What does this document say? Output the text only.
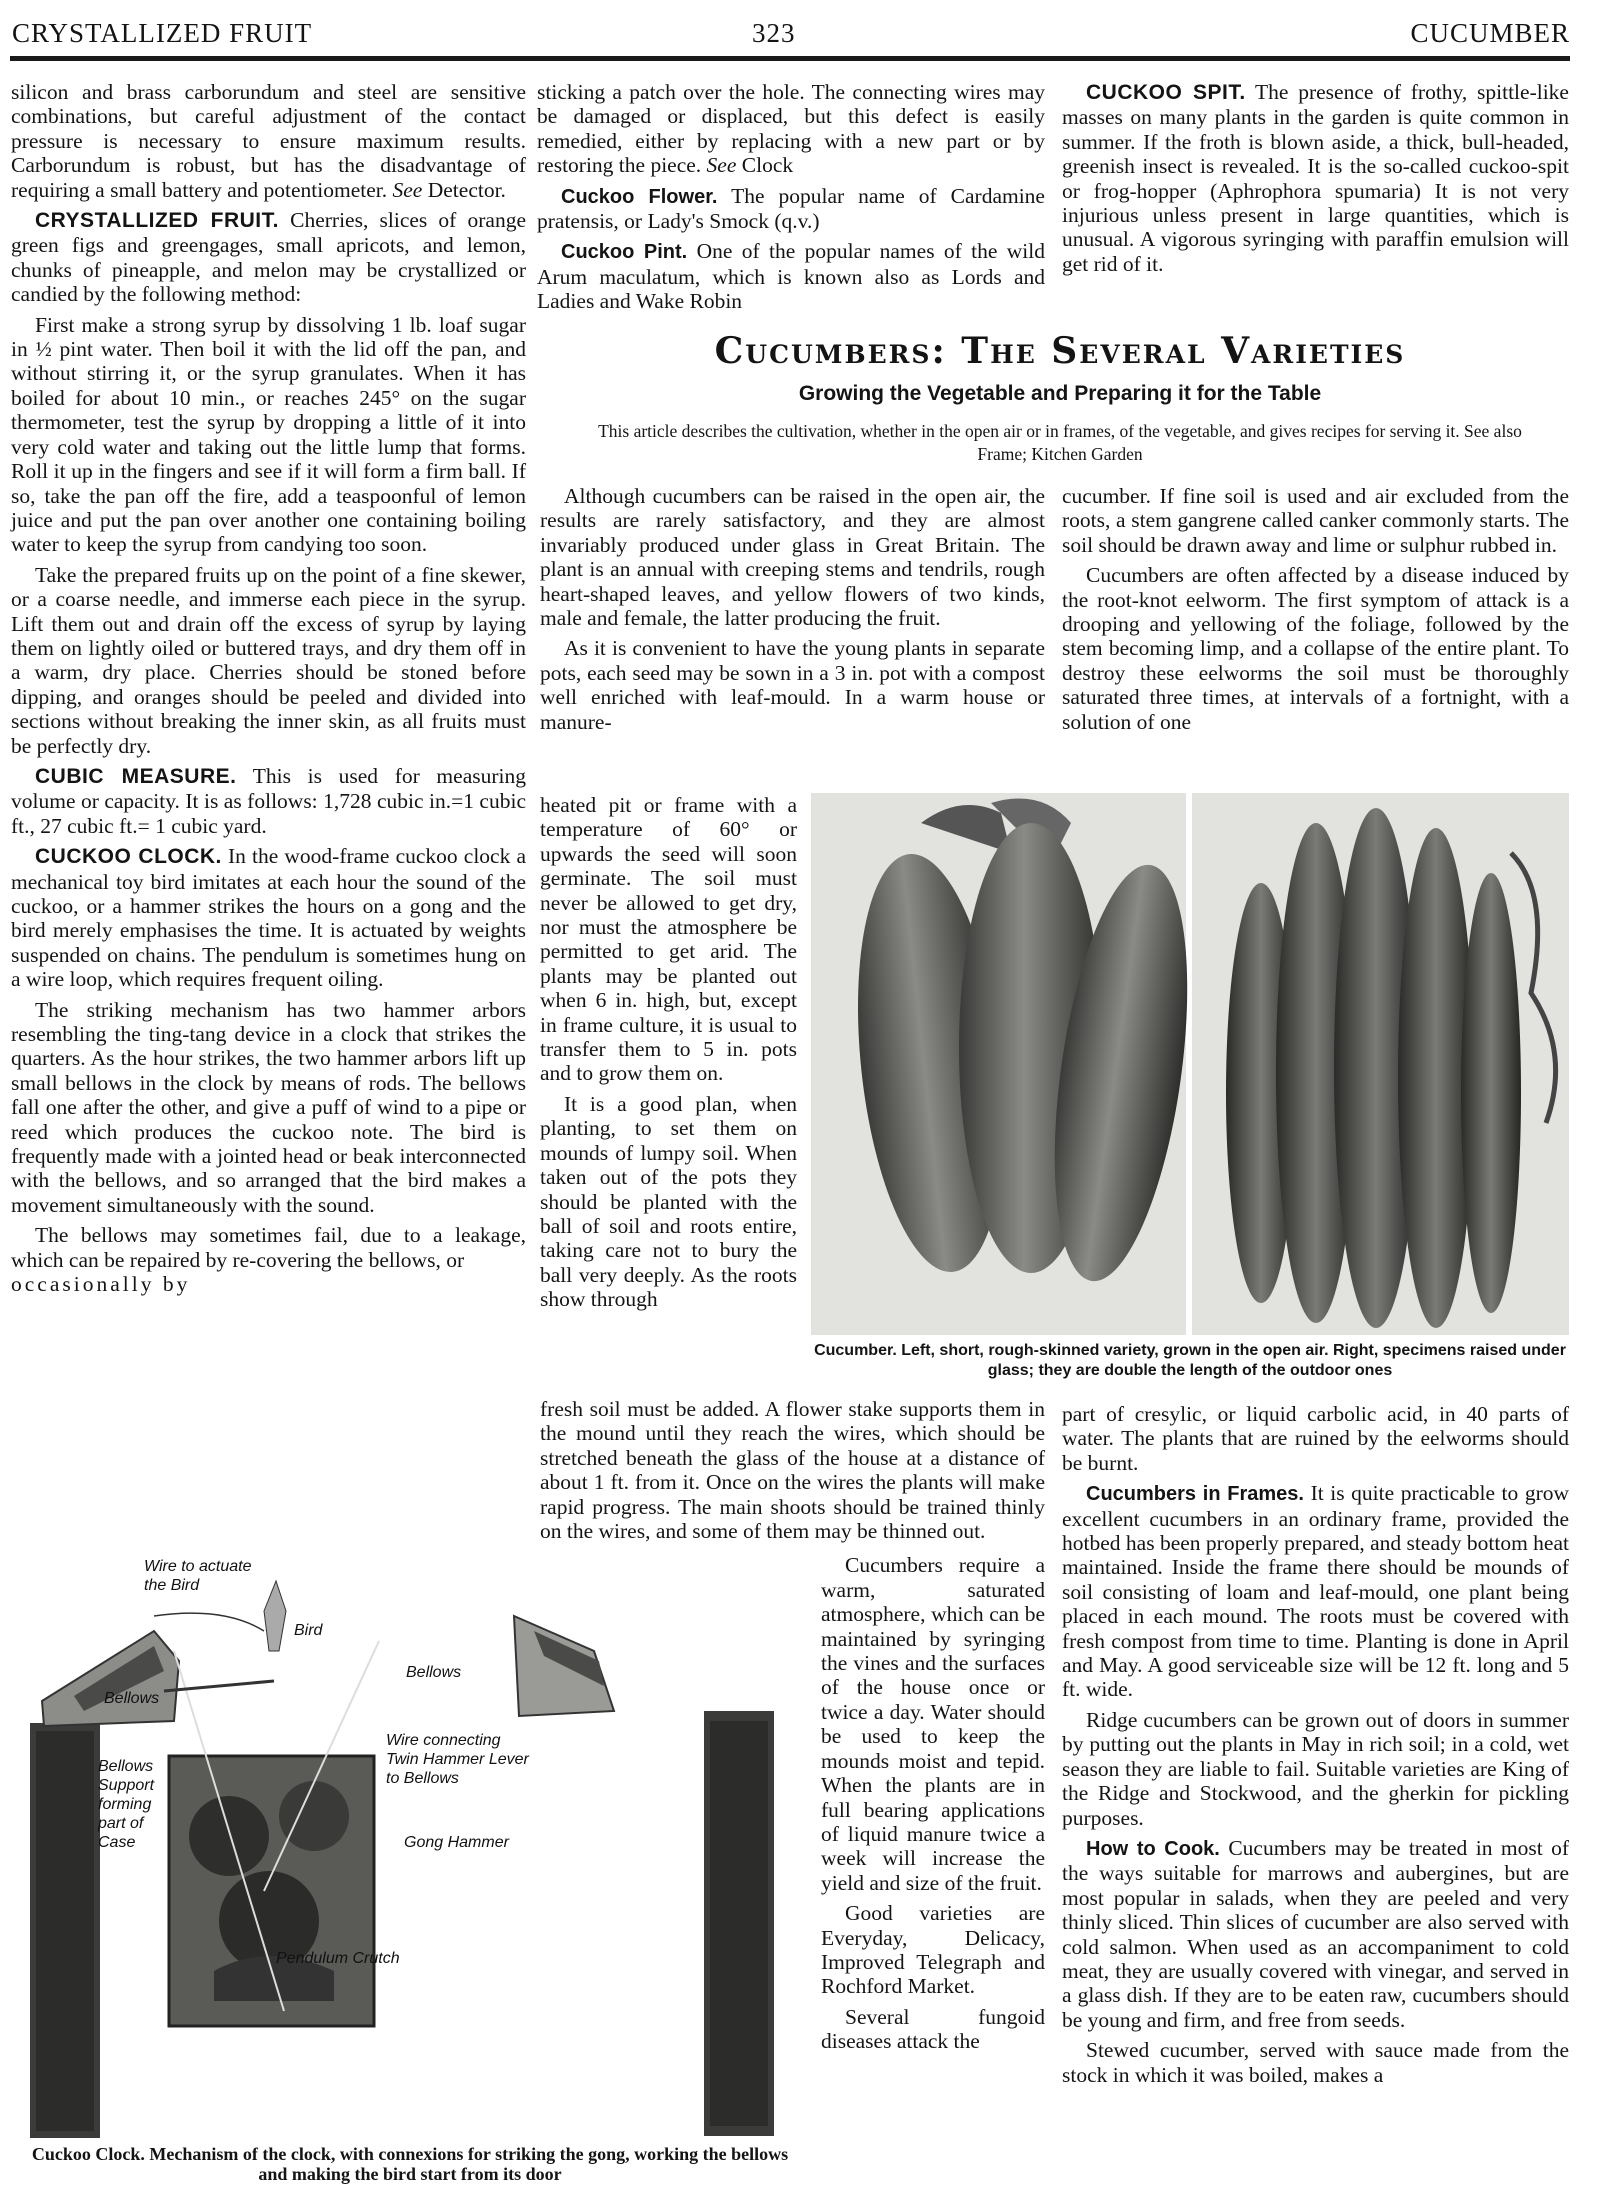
CRYSTALLIZED FRUIT	323	CUCUMBER

silicon and brass carborundum and steel are sensitive combinations, but careful adjustment of the contact pressure is necessary to ensure maximum results. Carborundum is robust, but has the disadvantage of requiring a small battery and potentiometer. See Detector.

CRYSTALLIZED FRUIT. Cherries, slices of orange green figs and greengages, small apricots, and lemon, chunks of pineapple, and melon may be crystallized or candied by the following method:

First make a strong syrup by dissolving 1 lb. loaf sugar in ½ pint water. Then boil it with the lid off the pan, and without stirring it, or the syrup granulates. When it has boiled for about 10 min., or reaches 245° on the sugar thermometer, test the syrup by dropping a little of it into very cold water and taking out the little lump that forms. Roll it up in the fingers and see if it will form a firm ball. If so, take the pan off the fire, add a teaspoonful of lemon juice and put the pan over another one containing boiling water to keep the syrup from candying too soon.

Take the prepared fruits up on the point of a fine skewer, or a coarse needle, and immerse each piece in the syrup. Lift them out and drain off the excess of syrup by laying them on lightly oiled or buttered trays, and dry them off in a warm, dry place. Cherries should be stoned before dipping, and oranges should be peeled and divided into sections without breaking the inner skin, as all fruits must be perfectly dry.

CUBIC MEASURE. This is used for measuring volume or capacity. It is as follows: 1,728 cubic in.=1 cubic ft., 27 cubic ft.= 1 cubic yard.

CUCKOO CLOCK. In the wood-frame cuckoo clock a mechanical toy bird imitates at each hour the sound of the cuckoo, or a hammer strikes the hours on a gong and the bird merely emphasises the time. It is actuated by weights suspended on chains. The pendulum is sometimes hung on a wire loop, which requires frequent oiling.

The striking mechanism has two hammer arbors resembling the ting-tang device in a clock that strikes the quarters. As the hour strikes, the two hammer arbors lift up small bellows in the clock by means of rods. The bellows fall one after the other, and give a puff of wind to a pipe or reed which produces the cuckoo note. The bird is frequently made with a jointed head or beak interconnected with the bellows, and so arranged that the bird makes a movement simultaneously with the sound.

The bellows may sometimes fail, due to a leakage, which can be repaired by re-covering the bellows, or
occasionally by

sticking a patch over the hole. The connecting wires may be damaged or displaced, but this defect is easily remedied, either by replacing with a new part or by restoring the piece. See Clock

Cuckoo Flower. The popular name of Cardamine pratensis, or Lady's Smock (q.v.)

Cuckoo Pint. One of the popular names of the wild Arum maculatum, which is known also as Lords and Ladies and Wake Robin

CUCKOO SPIT. The presence of frothy, spittle-like masses on many plants in the garden is quite common in summer. If the froth is blown aside, a thick, bull-headed, greenish insect is revealed. It is the so-called cuckoo-spit or frog-hopper (Aphrophora spumaria) It is not very injurious unless present in large quantities, which is unusual. A vigorous syringing with paraffin emulsion will get rid of it.

Cucumbers: The Several Varieties
Growing the Vegetable and Preparing it for the Table
This article describes the cultivation, whether in the open air or in frames, of the vegetable, and gives recipes for serving it. See also Frame; Kitchen Garden

Although cucumbers can be raised in the open air, the results are rarely satisfactory, and they are almost invariably produced under glass in Great Britain. The plant is an annual with creeping stems and tendrils, rough heart-shaped leaves, and yellow flowers of two kinds, male and female, the latter producing the fruit.

As it is convenient to have the young plants in separate pots, each seed may be sown in a 3 in. pot with a compost well enriched with leaf-mould. In a warm house or manure-

heated pit or frame with a temperature of 60° or upwards the seed will soon germinate. The soil must never be allowed to get dry, nor must the atmosphere be permitted to get arid. The plants may be planted out when 6 in. high, but, except in frame culture, it is usual to transfer them to 5 in. pots and to grow them on.

It is a good plan, when planting, to set them on mounds of lumpy soil. When taken out of the pots they should be planted with the ball of soil and roots entire, taking care not to bury the ball very deeply. As the roots show through

fresh soil must be added. A flower stake supports them in the mound until they reach the wires, which should be stretched beneath the glass of the house at a distance of about 1 ft. from it. Once on the wires the plants will make rapid progress. The main shoots should be trained thinly on the wires, and some of them may be thinned out.

Cucumbers require a warm, saturated atmosphere, which can be maintained by syringing the vines and the surfaces of the house once or twice a day. Water should be used to keep the mounds moist and tepid. When the plants are in full bearing applications of liquid manure twice a week will increase the yield and size of the fruit.

Good varieties are Everyday, Delicacy, Improved Telegraph and Rochford Market.

Several fungoid diseases attack the

cucumber. If fine soil is used and air excluded from the roots, a stem gangrene called canker commonly starts. The soil should be drawn away and lime or sulphur rubbed in.

Cucumbers are often affected by a disease induced by the root-knot eelworm. The first symptom of attack is a drooping and yellowing of the foliage, followed by the stem becoming limp, and a collapse of the entire plant. To destroy these eelworms the soil must be thoroughly saturated three times, at intervals of a fortnight, with a solution of one

part of cresylic, or liquid carbolic acid, in 40 parts of water. The plants that are ruined by the eelworms should be burnt.

Cucumbers in Frames. It is quite practicable to grow excellent cucumbers in an ordinary frame, provided the hotbed has been properly prepared, and steady bottom heat maintained. Inside the frame there should be mounds of soil consisting of loam and leaf-mould, one plant being placed in each mound. The roots must be covered with fresh compost from time to time. Planting is done in April and May. A good serviceable size will be 12 ft. long and 5 ft. wide.

Ridge cucumbers can be grown out of doors in summer by putting out the plants in May in rich soil; in a cold, wet season they are liable to fail. Suitable varieties are King of the Ridge and Stockwood, and the gherkin for pickling purposes.

How to Cook. Cucumbers may be treated in most of the ways suitable for marrows and aubergines, but are most popular in salads, when they are peeled and very thinly sliced. Thin slices of cucumber are also served with cold salmon. When used as an accompaniment to cold meat, they are usually covered with vinegar, and served in a glass dish. If they are to be eaten raw, cucumbers should be young and firm, and free from seeds.

Stewed cucumber, served with sauce made from the stock in which it was boiled, makes a

Cucumber. Left, short, rough-skinned variety, grown in the open air. Right, specimens raised under glass; they are double the length of the outdoor ones
Wire to actuate the Bird
Bird
Bellows
Bellows
Bellows Support forming part of Case
Wire connecting Twin Hammer Lever to Bellows
Gong Hammer
Pendulum Crutch
Cuckoo Clock. Mechanism of the clock, with connexions for striking the gong, working the bellows and making the bird start from its door
